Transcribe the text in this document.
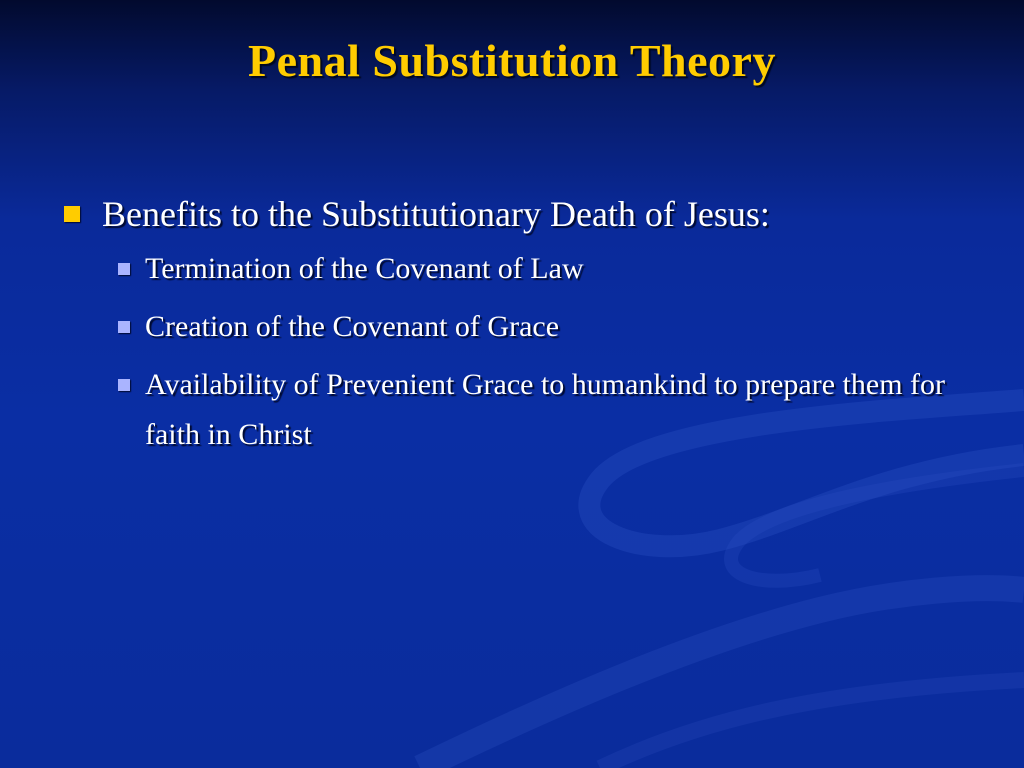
Penal Substitution Theory
Benefits to the Substitutionary Death of Jesus:
Termination of the Covenant of Law
Creation of the Covenant of Grace
Availability of Prevenient Grace to humankind to prepare them for faith in Christ
